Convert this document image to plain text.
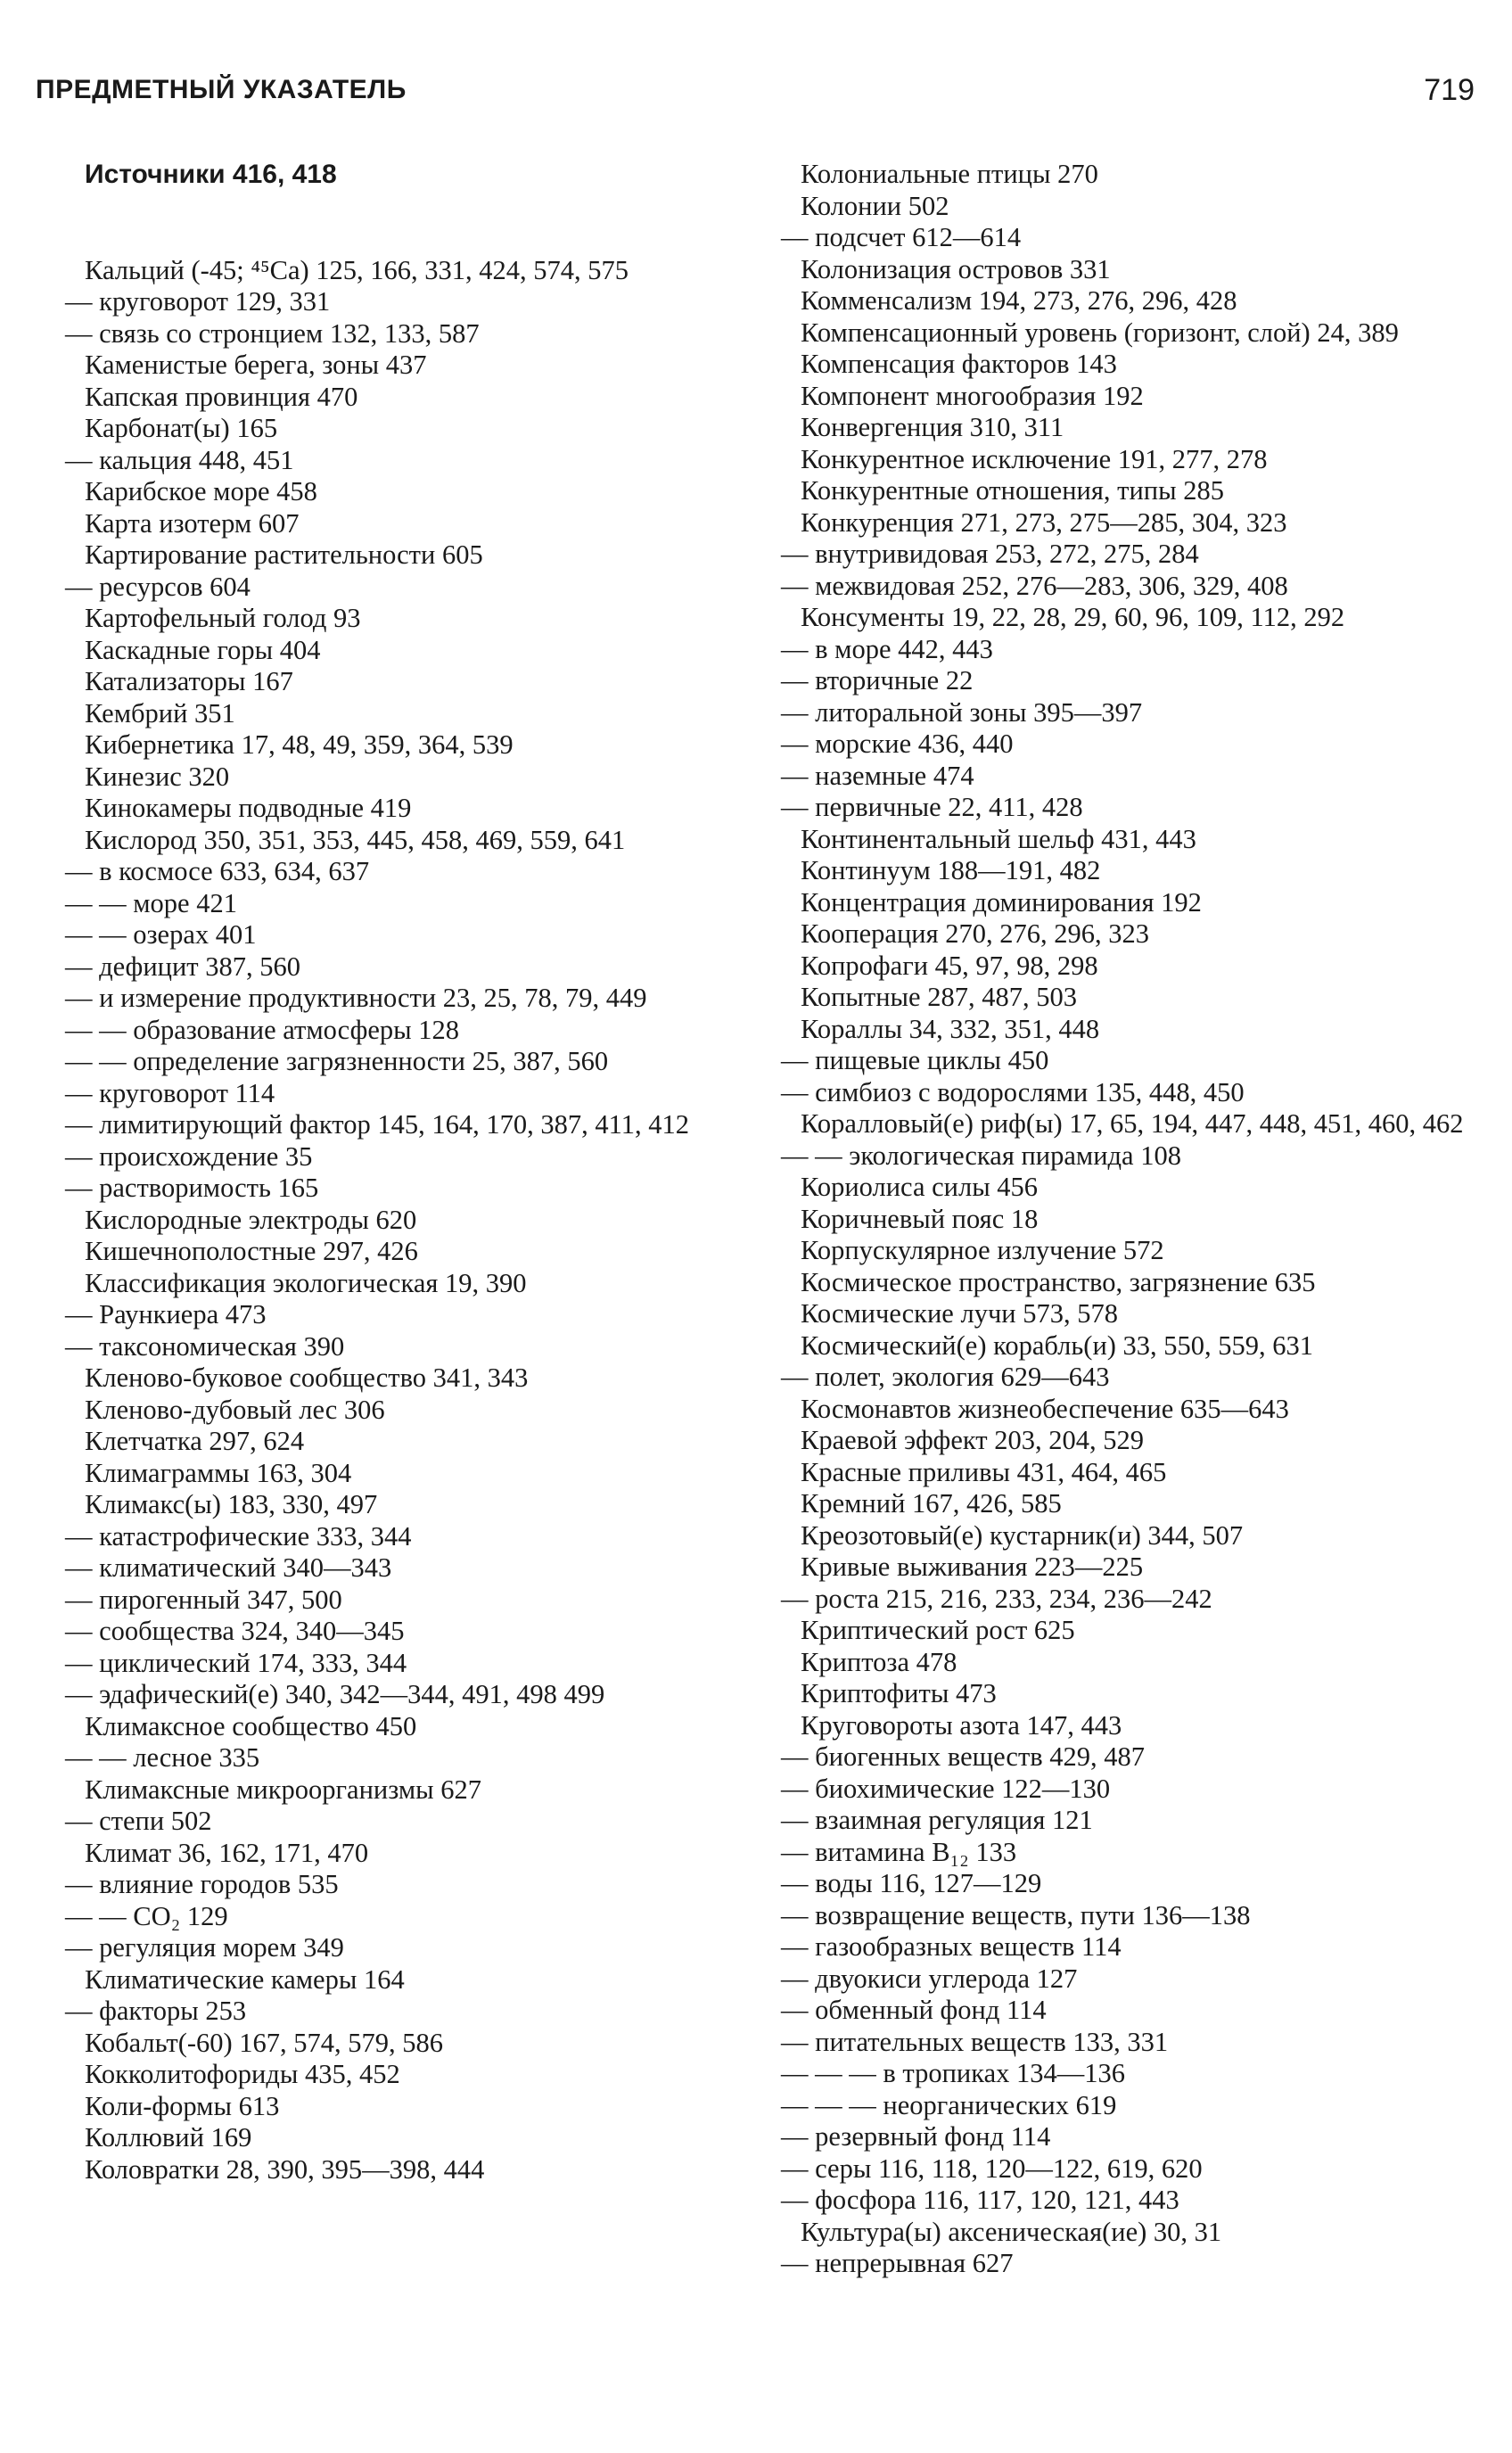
ПРЕДМЕТНЫЙ УКАЗАТЕЛЬ	719
Источники 416, 418
Кальций (-45; ⁴⁵Ca) 125, 166, 331, 424, 574, 575
— круговорот 129, 331
— связь со стронцием 132, 133, 587
Каменистые берега, зоны 437
Капская провинция 470
Карбонат(ы) 165
— кальция 448, 451
Карибское море 458
Карта изотерм 607
Картирование растительности 605
— ресурсов 604
Картофельный голод 93
Каскадные горы 404
Катализаторы 167
Кембрий 351
Кибернетика 17, 48, 49, 359, 364, 539
Кинезис 320
Кинокамеры подводные 419
Кислород 350, 351, 353, 445, 458, 469, 559, 641
— в космосе 633, 634, 637
— — море 421
— — озерах 401
— дефицит 387, 560
— и измерение продуктивности 23, 25, 78, 79, 449
— — образование атмосферы 128
— — определение загрязненности 25, 387, 560
— круговорот 114
— лимитирующий фактор 145, 164, 170, 387, 411, 412
— происхождение 35
— растворимость 165
Кислородные электроды 620
Кишечнополостные 297, 426
Классификация экологическая 19, 390
— Раункиера 473
— таксономическая 390
Кленово-буковое сообщество 341, 343
Кленово-дубовый лес 306
Клетчатка 297, 624
Климаграммы 163, 304
Климакс(ы) 183, 330, 497
— катастрофические 333, 344
— климатический 340—343
— пирогенный 347, 500
— сообщества 324, 340—345
— циклический 174, 333, 344
— эдафический(е) 340, 342—344, 491, 498 499
Климаксное сообщество 450
— — лесное 335
Климаксные микроорганизмы 627
— степи 502
Климат 36, 162, 171, 470
— влияние городов 535
— — CO₂ 129
— регуляция морем 349
Климатические камеры 164
— факторы 253
Кобальт(-60) 167, 574, 579, 586
Кокколитофориды 435, 452
Коли-формы 613
Коллювий 169
Коловратки 28, 390, 395—398, 444
Колониальные птицы 270
Колонии 502
— подсчет 612—614
Колонизация островов 331
Комменсализм 194, 273, 276, 296, 428
Компенсационный уровень (горизонт, слой) 24, 389
Компенсация факторов 143
Компонент многообразия 192
Конвергенция 310, 311
Конкурентное исключение 191, 277, 278
Конкурентные отношения, типы 285
Конкуренция 271, 273, 275—285, 304, 323
— внутривидовая 253, 272, 275, 284
— межвидовая 252, 276—283, 306, 329, 408
Консументы 19, 22, 28, 29, 60, 96, 109, 112, 292
— в море 442, 443
— вторичные 22
— литоральной зоны 395—397
— морские 436, 440
— наземные 474
— первичные 22, 411, 428
Континентальный шельф 431, 443
Континуум 188—191, 482
Концентрация доминирования 192
Кооперация 270, 276, 296, 323
Копрофаги 45, 97, 98, 298
Копытные 287, 487, 503
Кораллы 34, 332, 351, 448
— пищевые циклы 450
— симбиоз с водорослями 135, 448, 450
Коралловый(е) риф(ы) 17, 65, 194, 447, 448, 451, 460, 462
— — экологическая пирамида 108
Кориолиса силы 456
Коричневый пояс 18
Корпускулярное излучение 572
Космическое пространство, загрязнение 635
Космические лучи 573, 578
Космический(е) корабль(и) 33, 550, 559, 631
— полет, экология 629—643
Космонавтов жизнеобеспечение 635—643
Краевой эффект 203, 204, 529
Красные приливы 431, 464, 465
Кремний 167, 426, 585
Креозотовый(е) кустарник(и) 344, 507
Кривые выживания 223—225
— роста 215, 216, 233, 234, 236—242
Криптический рост 625
Криптоза 478
Криптофиты 473
Круговороты азота 147, 443
— биогенных веществ 429, 487
— биохимические 122—130
— взаимная регуляция 121
— витамина B₁₂ 133
— воды 116, 127—129
— возвращение веществ, пути 136—138
— газообразных веществ 114
— двуокиси углерода 127
— обменный фонд 114
— питательных веществ 133, 331
— — — в тропиках 134—136
— — — неорганических 619
— резервный фонд 114
— серы 116, 118, 120—122, 619, 620
— фосфора 116, 117, 120, 121, 443
Культура(ы) аксеническая(ие) 30, 31
— непрерывная 627
